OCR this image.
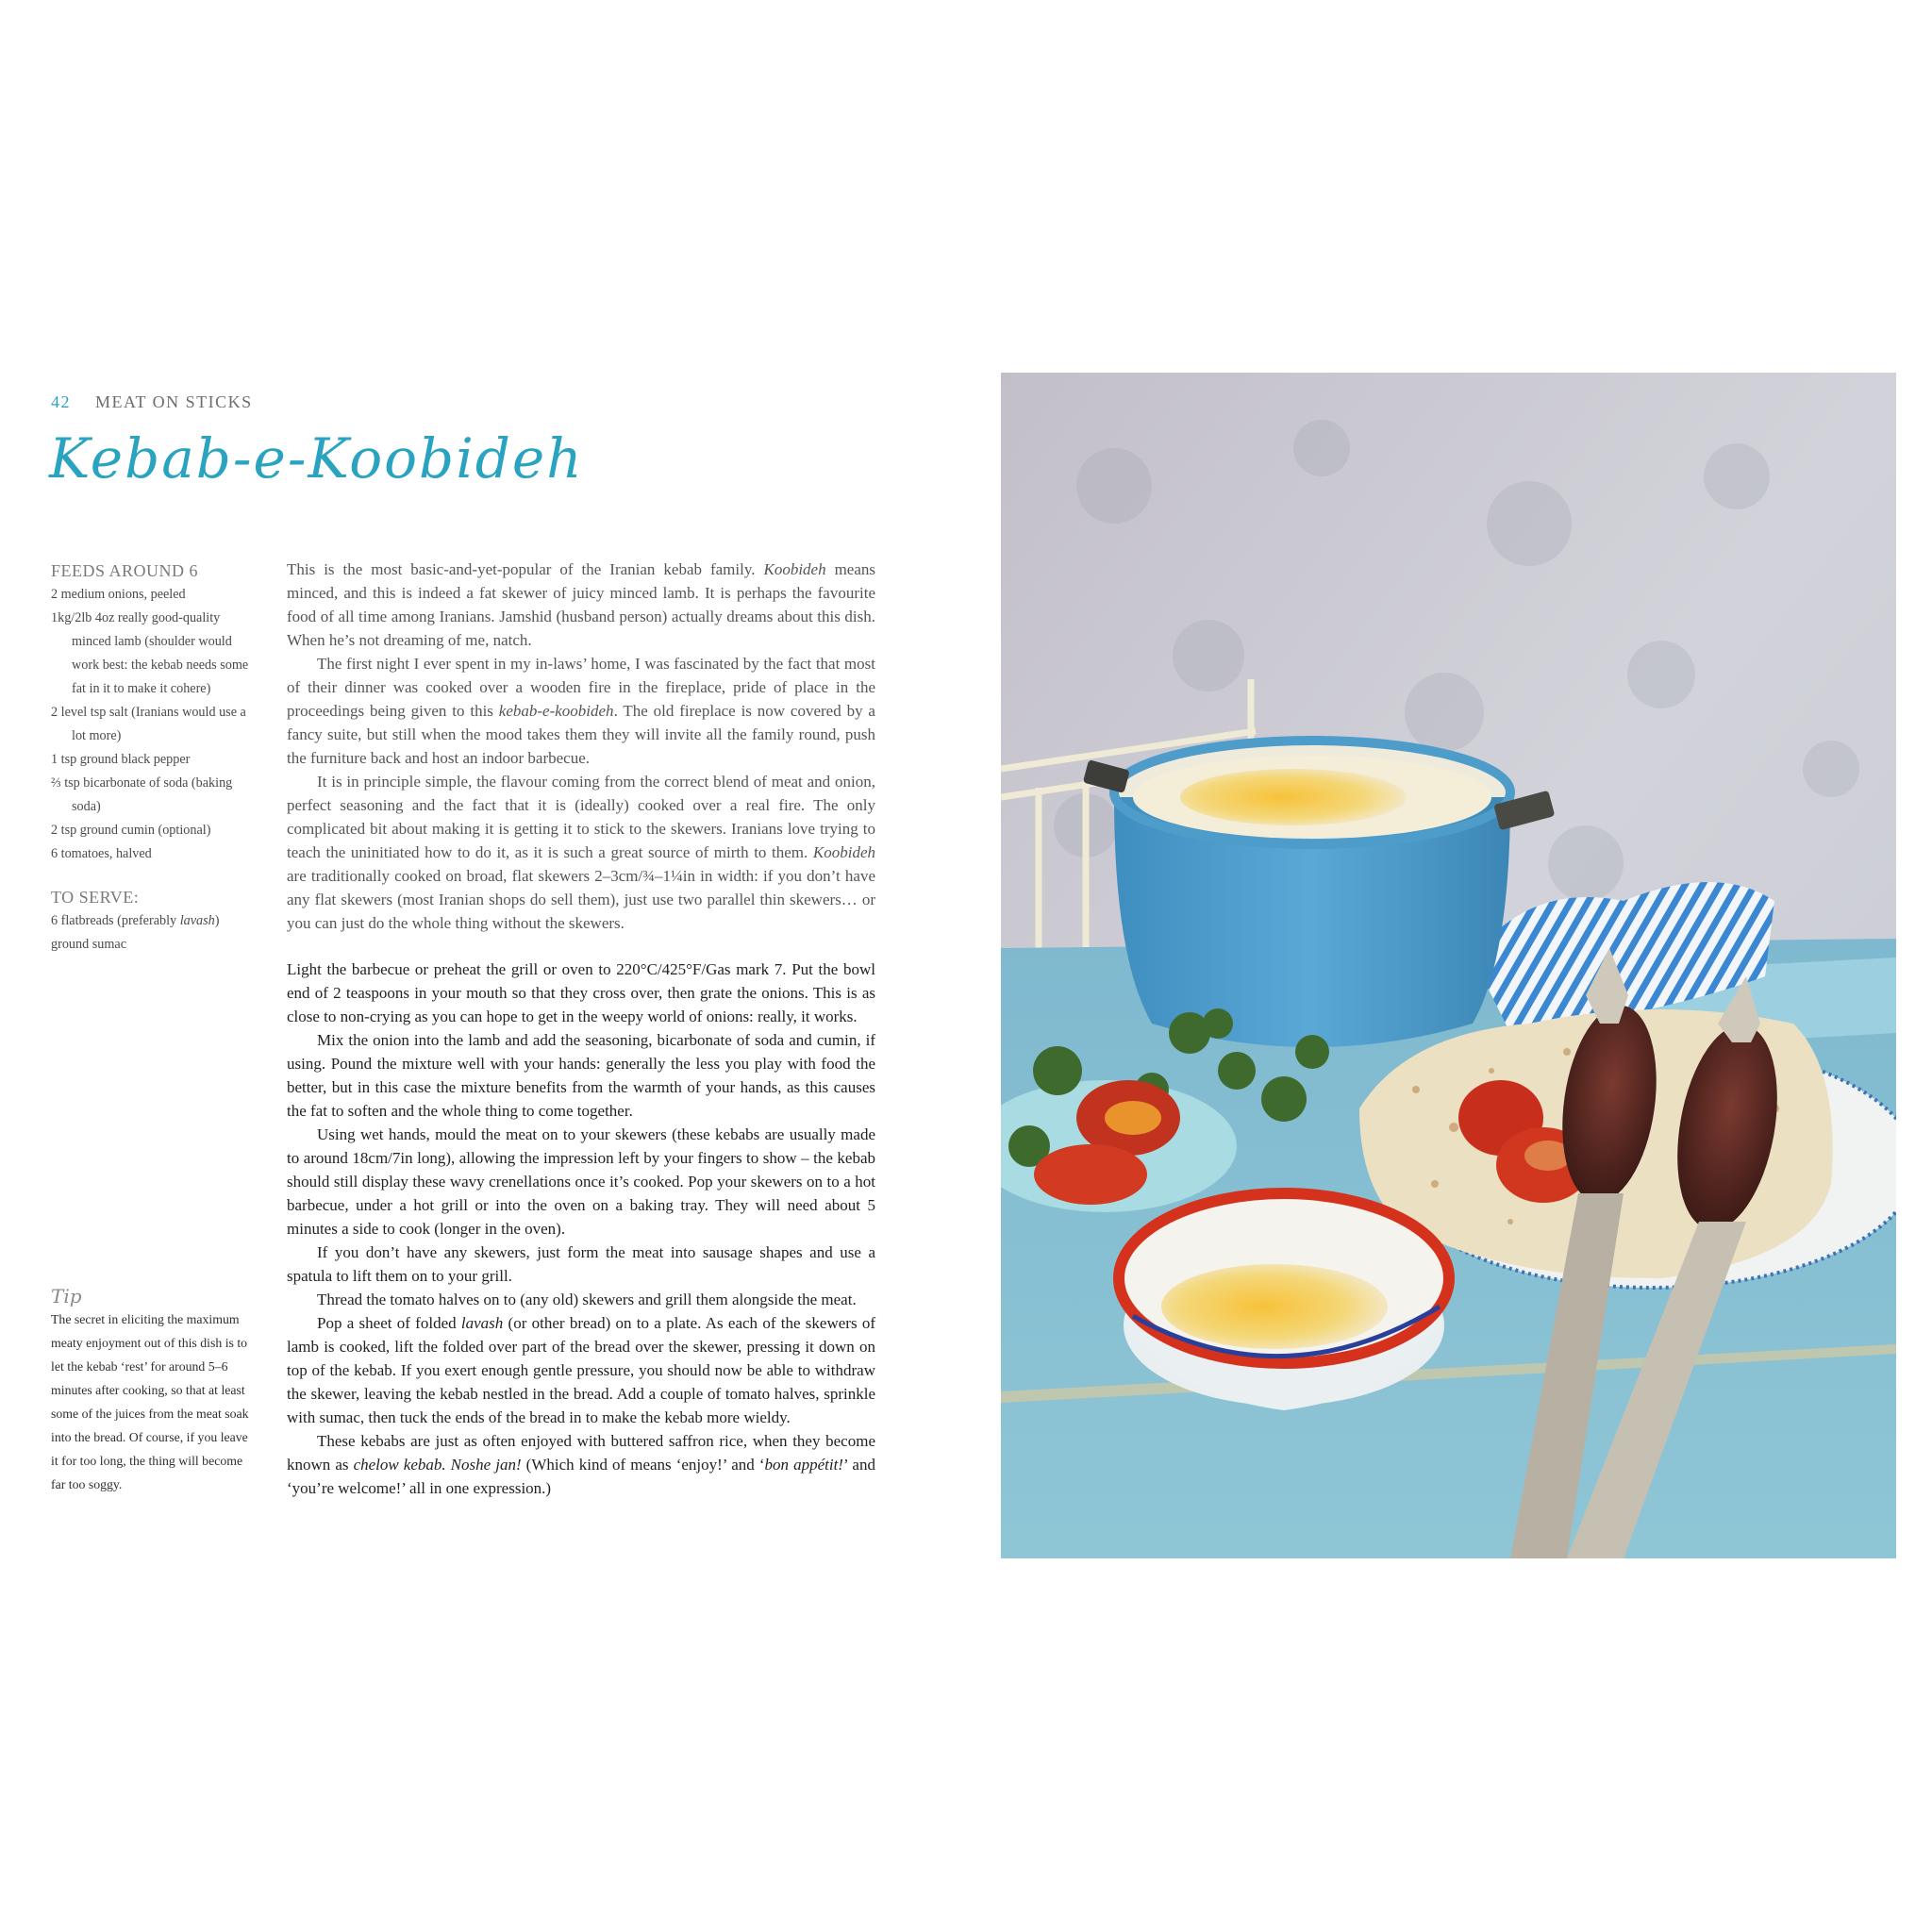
42 MEAT ON STICKS
Kebab-e-Koobideh
FEEDS AROUND 6
2 medium onions, peeled
1kg/2lb 4oz really good-quality minced lamb (shoulder would work best: the kebab needs some fat in it to make it cohere)
2 level tsp salt (Iranians would use a lot more)
1 tsp ground black pepper
⅔ tsp bicarbonate of soda (baking soda)
2 tsp ground cumin (optional)
6 tomatoes, halved
TO SERVE:
6 flatbreads (preferably lavash)
ground sumac
Tip
The secret in eliciting the maximum meaty enjoyment out of this dish is to let the kebab ‘rest’ for around 5–6 minutes after cooking, so that at least some of the juices from the meat soak into the bread. Of course, if you leave it for too long, the thing will become far too soggy.

This is the most basic-and-yet-popular of the Iranian kebab family. Koobideh means minced, and this is indeed a fat skewer of juicy minced lamb. It is perhaps the favourite food of all time among Iranians. Jamshid (husband person) actually dreams about this dish. When he’s not dreaming of me, natch.

The first night I ever spent in my in-laws’ home, I was fascinated by the fact that most of their dinner was cooked over a wooden fire in the fireplace, pride of place in the proceedings being given to this kebab-e-koobideh. The old fireplace is now covered by a fancy suite, but still when the mood takes them they will invite all the family round, push the furniture back and host an indoor barbecue.

It is in principle simple, the flavour coming from the correct blend of meat and onion, perfect seasoning and the fact that it is (ideally) cooked over a real fire. The only complicated bit about making it is getting it to stick to the skewers. Iranians love trying to teach the uninitiated how to do it, as it is such a great source of mirth to them. Koobideh are traditionally cooked on broad, flat skewers 2–3cm/¾–1¼in in width: if you don’t have any flat skewers (most Iranian shops do sell them), just use two parallel thin skewers… or you can just do the whole thing without the skewers.

Light the barbecue or preheat the grill or oven to 220°C/425°F/Gas mark 7. Put the bowl end of 2 teaspoons in your mouth so that they cross over, then grate the onions. This is as close to non-crying as you can hope to get in the weepy world of onions: really, it works.

Mix the onion into the lamb and add the seasoning, bicarbonate of soda and cumin, if using. Pound the mixture well with your hands: generally the less you play with food the better, but in this case the mixture benefits from the warmth of your hands, as this causes the fat to soften and the whole thing to come together.

Using wet hands, mould the meat on to your skewers (these kebabs are usually made to around 18cm/7in long), allowing the impression left by your fingers to show – the kebab should still display these wavy crenellations once it’s cooked. Pop your skewers on to a hot barbecue, under a hot grill or into the oven on a baking tray. They will need about 5 minutes a side to cook (longer in the oven).

If you don’t have any skewers, just form the meat into sausage shapes and use a spatula to lift them on to your grill.

Thread the tomato halves on to (any old) skewers and grill them alongside the meat.

Pop a sheet of folded lavash (or other bread) on to a plate. As each of the skewers of lamb is cooked, lift the folded over part of the bread over the skewer, pressing it down on top of the kebab. If you exert enough gentle pressure, you should now be able to withdraw the skewer, leaving the kebab nestled in the bread. Add a couple of tomato halves, sprinkle with sumac, then tuck the ends of the bread in to make the kebab more wieldy.

These kebabs are just as often enjoyed with buttered saffron rice, when they become known as chelow kebab. Noshe jan! (Which kind of means ‘enjoy!’ and ‘bon appétit!’ and ‘you’re welcome!’ all in one expression.)
